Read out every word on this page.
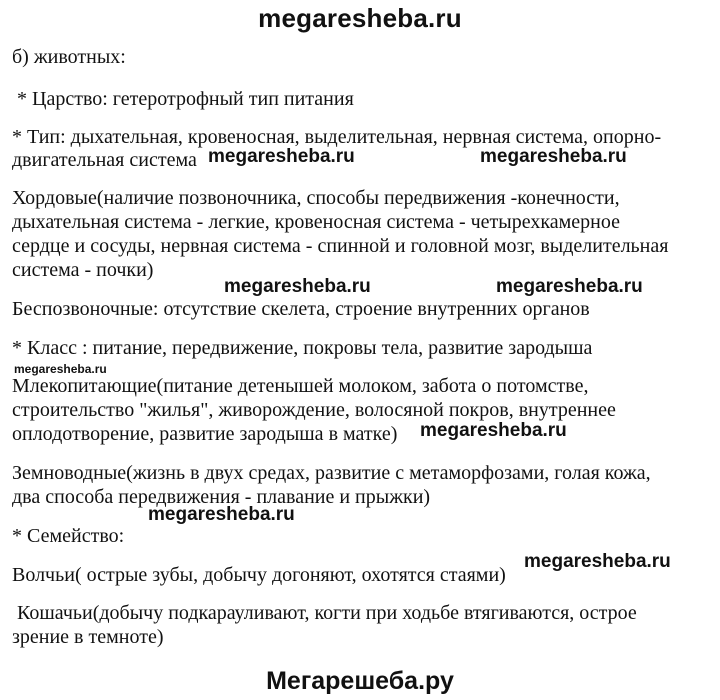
megaresheba.ru
б) животных:
* Царство: гетеротрофный тип питания
* Тип: дыхательная, кровеносная, выделительная, нервная система, опорно-
двигательная система
Хордовые(наличие позвоночника, способы передвижения -конечности,
дыхательная система - легкие, кровеносная система - четырехкамерное
сердце и сосуды, нервная система - спинной и головной мозг, выделительная
система - почки)
Беспозвоночные: отсутствие скелета, строение внутренних органов
* Класс : питание, передвижение, покровы тела, развитие зародыша
Млекопитающие(питание детенышей молоком, забота о потомстве,
строительство "жилья", живорождение, волосяной покров, внутреннее
оплодотворение, развитие зародыша в матке)
Земноводные(жизнь в двух средах, развитие с метаморфозами, голая кожа,
два способа передвижения - плавание и прыжки)
* Семейство:
Волчьи( острые зубы, добычу догоняют, охотятся стаями)
Кошачьи(добычу подкарауливают, когти при ходьбе втягиваются, острое
зрение в темноте)
megaresheba.ru	megaresheba.ru
megaresheba.ru	megaresheba.ru
megaresheba.ru
megaresheba.ru
megaresheba.ru
megaresheba.ru
Мегарешеба.ру
